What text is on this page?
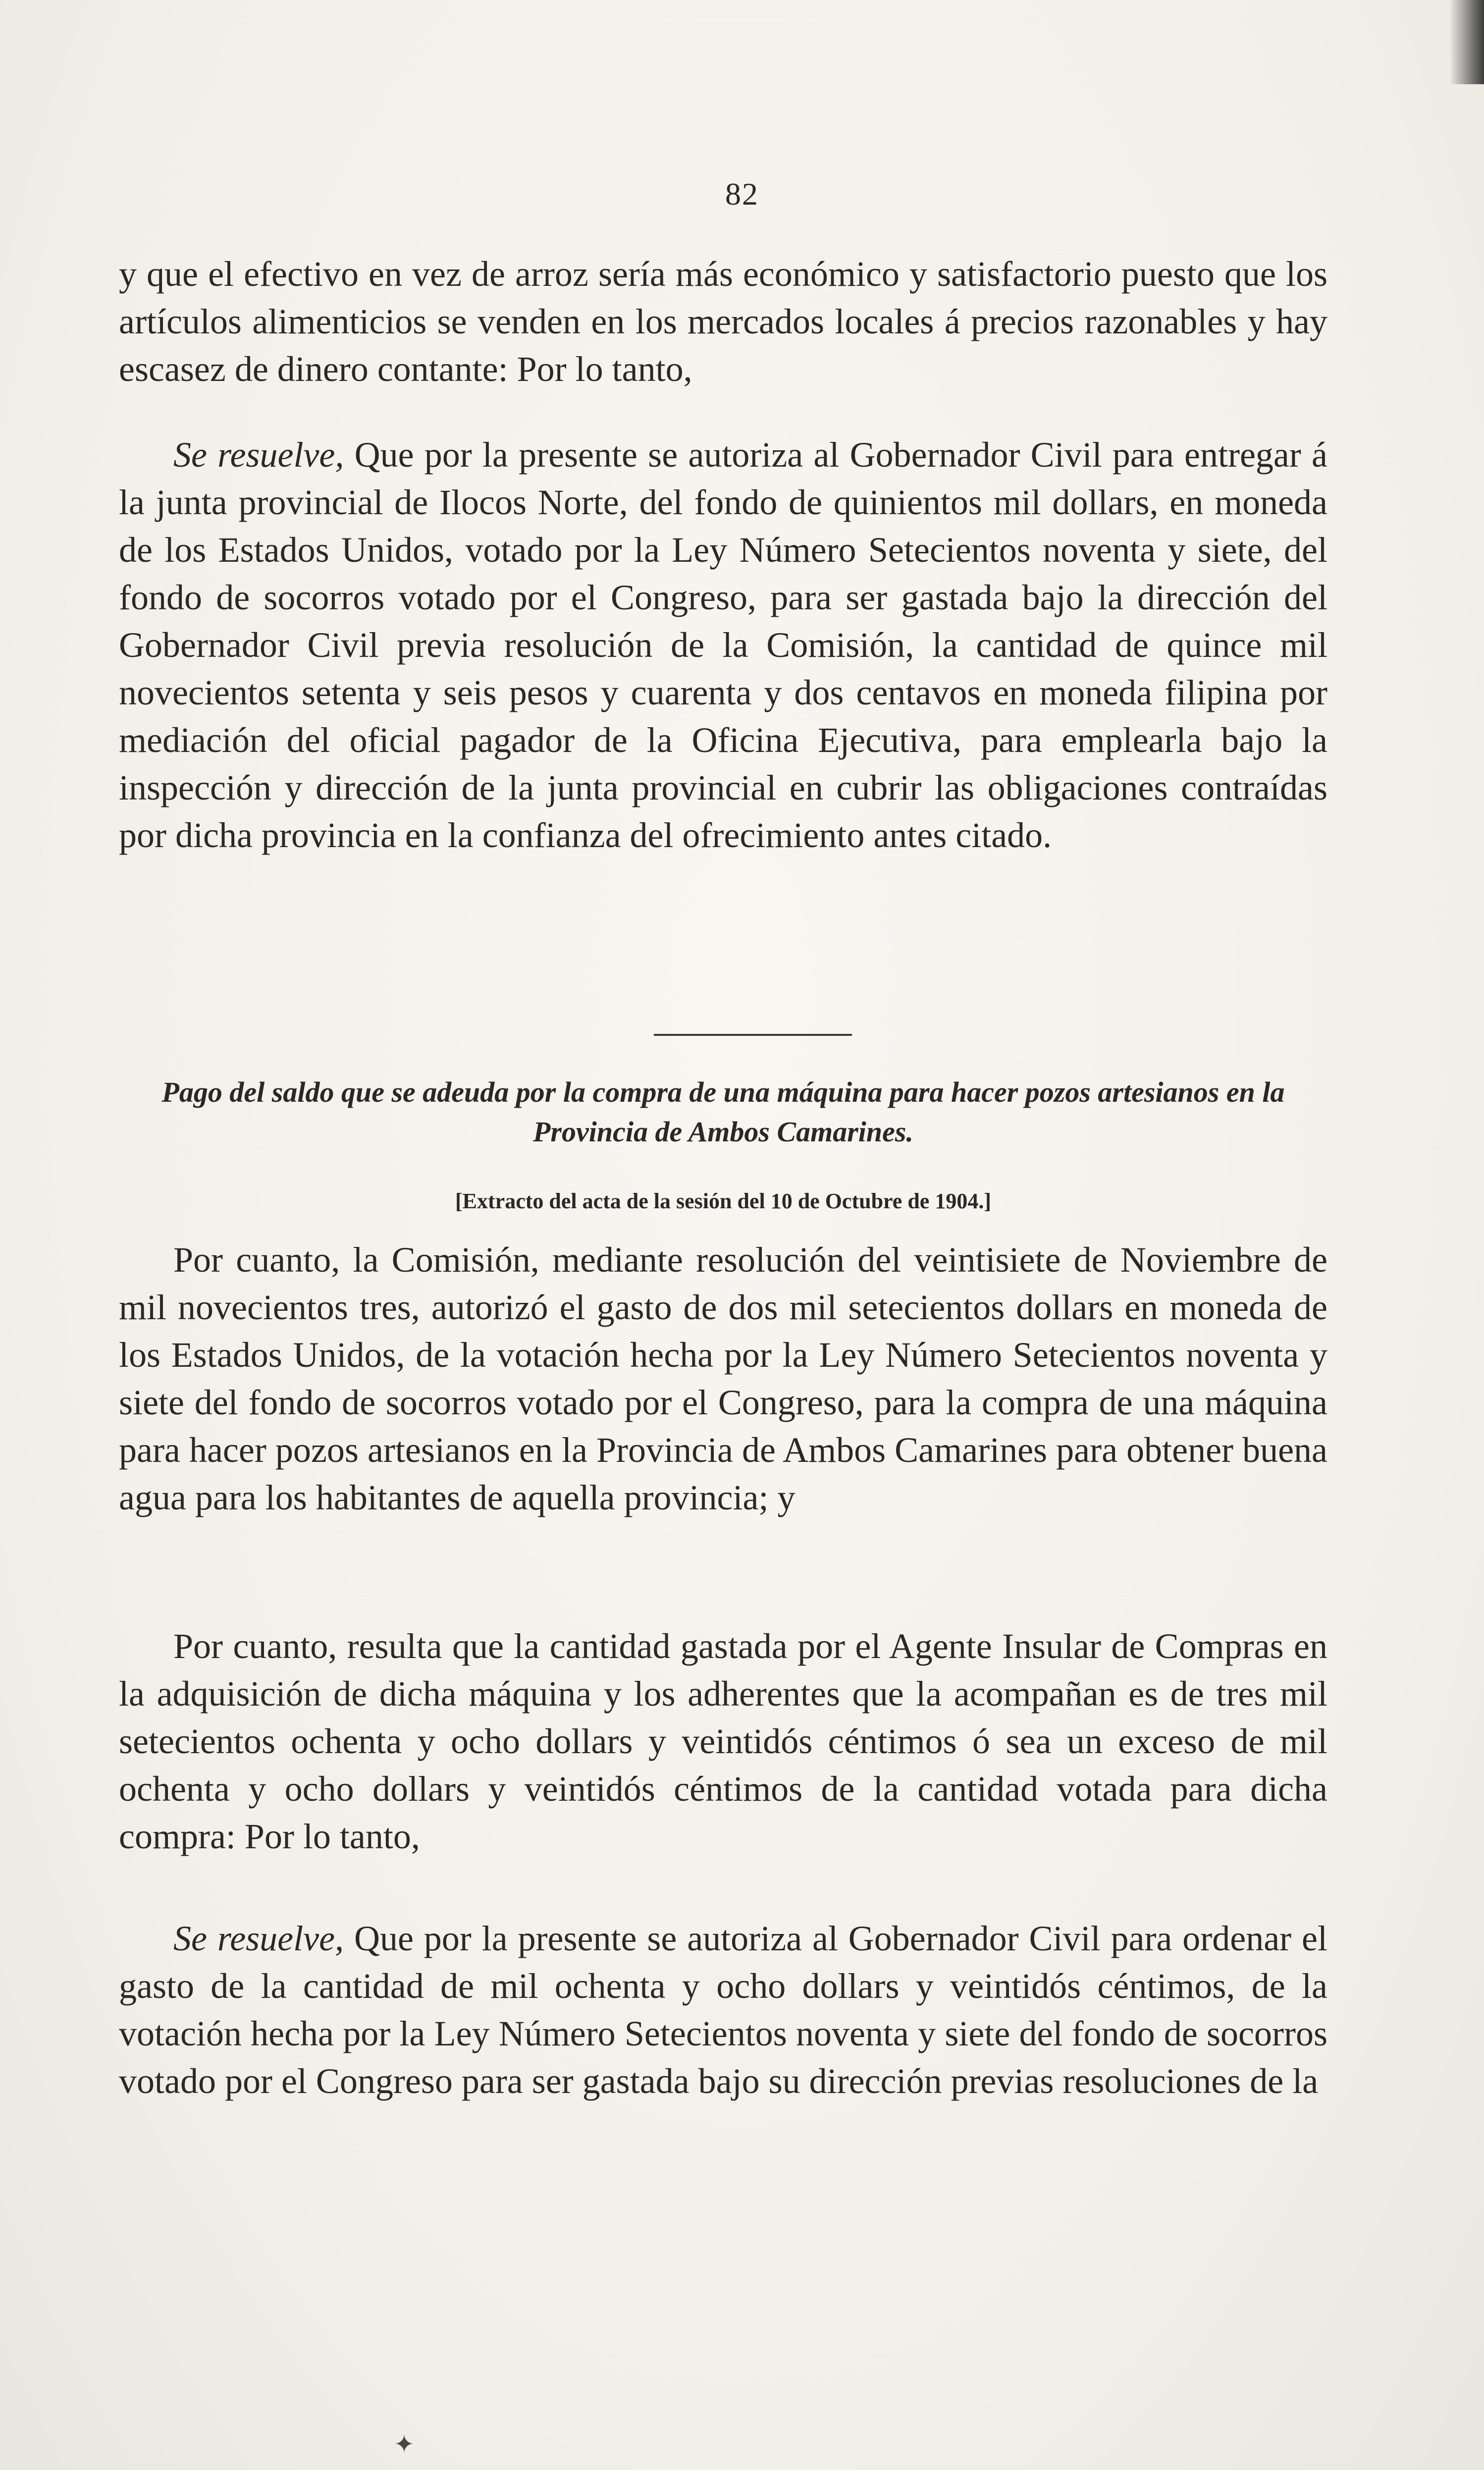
82

y que el efectivo en vez de arroz sería más económico y satisfactorio puesto que los artículos alimenticios se venden en los mercados locales á precios razonables y hay escasez de dinero contante: Por lo tanto,

Se resuelve, Que por la presente se autoriza al Gobernador Civil para entregar á la junta provincial de Ilocos Norte, del fondo de quinientos mil dollars, en moneda de los Estados Unidos, votado por la Ley Número Setecientos noventa y siete, del fondo de socorros votado por el Congreso, para ser gastada bajo la dirección del Gobernador Civil previa resolución de la Comisión, la cantidad de quince mil novecientos setenta y seis pesos y cuarenta y dos centavos en moneda filipina por mediación del oficial pagador de la Oficina Ejecutiva, para emplearla bajo la inspección y dirección de la junta provincial en cubrir las obligaciones contraídas por dicha provincia en la confianza del ofrecimiento antes citado.

Pago del saldo que se adeuda por la compra de una máquina para hacer pozos artesianos en la Provincia de Ambos Camarines.
[Extracto del acta de la sesión del 10 de Octubre de 1904.]

Por cuanto, la Comisión, mediante resolución del veintisiete de Noviembre de mil novecientos tres, autorizó el gasto de dos mil setecientos dollars en moneda de los Estados Unidos, de la votación hecha por la Ley Número Setecientos noventa y siete del fondo de socorros votado por el Congreso, para la compra de una máquina para hacer pozos artesianos en la Provincia de Ambos Camarines para obtener buena agua para los habitantes de aquella provincia; y

Por cuanto, resulta que la cantidad gastada por el Agente Insular de Compras en la adquisición de dicha máquina y los adherentes que la acompañan es de tres mil setecientos ochenta y ocho dollars y veintidós céntimos ó sea un exceso de mil ochenta y ocho dollars y veintidós céntimos de la cantidad votada para dicha compra: Por lo tanto,

Se resuelve, Que por la presente se autoriza al Gobernador Civil para ordenar el gasto de la cantidad de mil ochenta y ocho dollars y veintidós céntimos, de la votación hecha por la Ley Número Setecientos noventa y siete del fondo de socorros votado por el Congreso para ser gastada bajo su dirección previas resoluciones de la

✦
